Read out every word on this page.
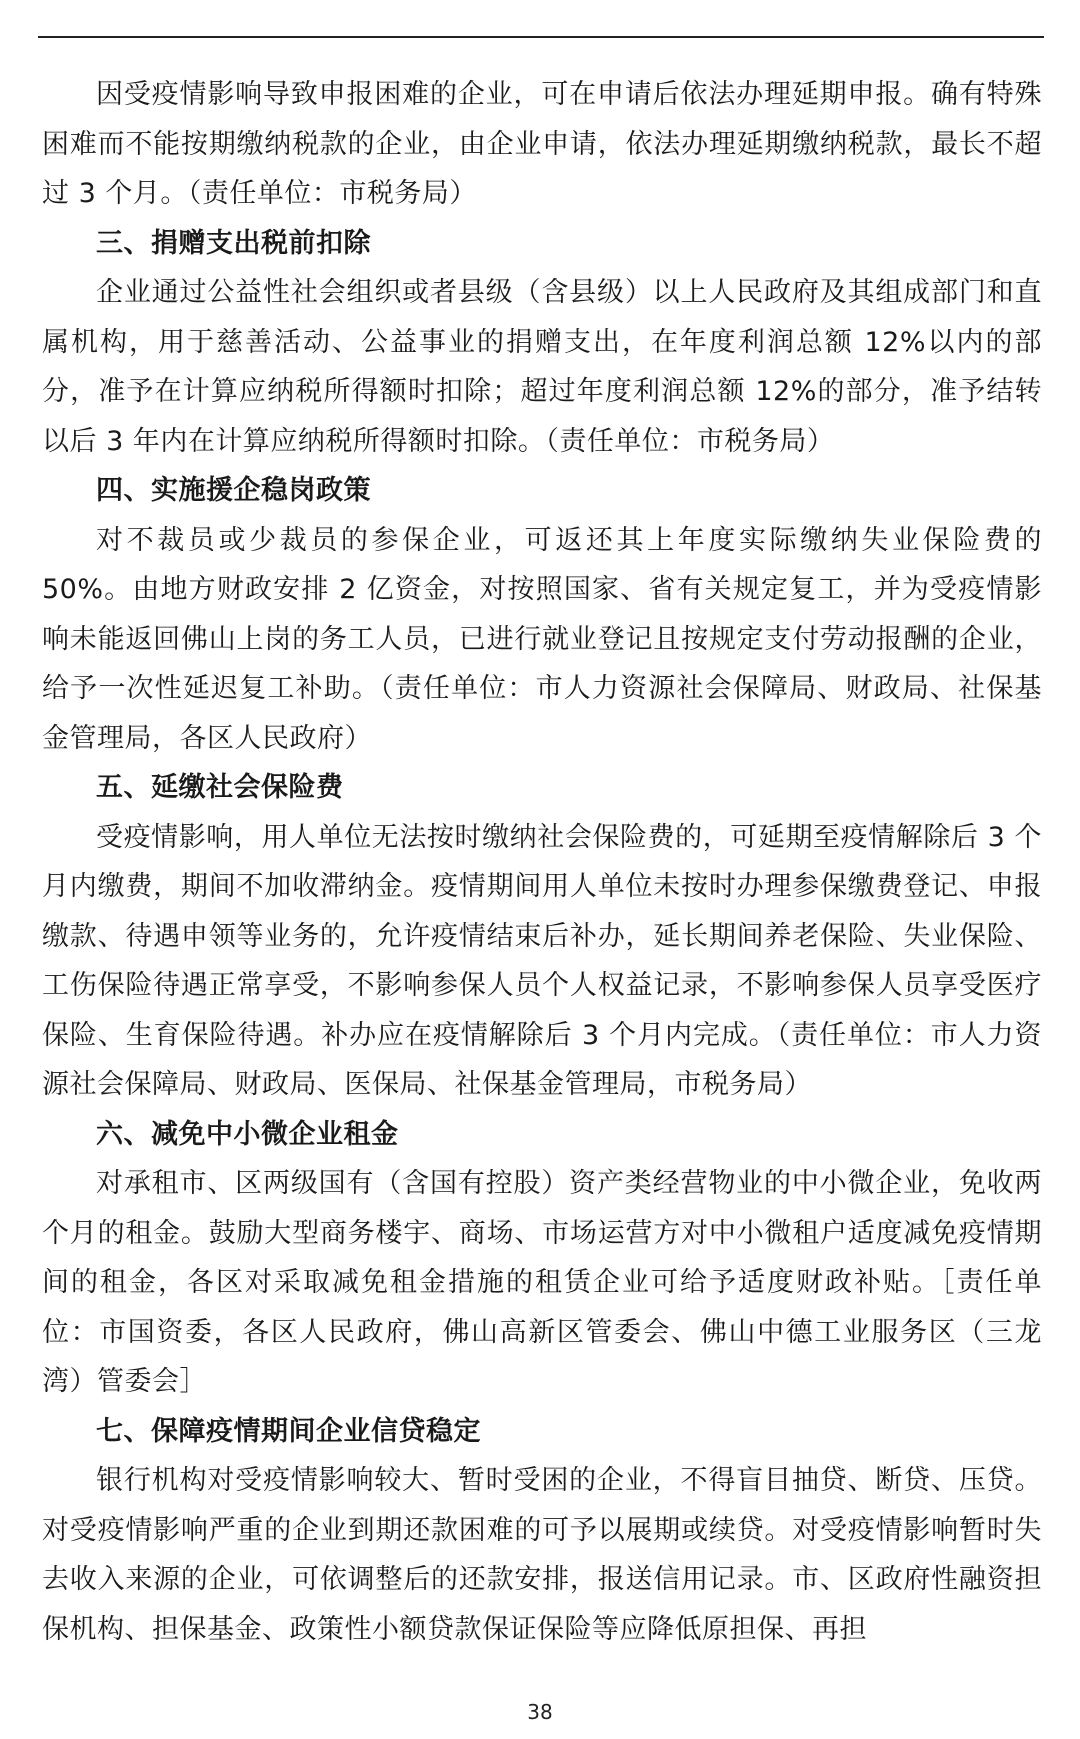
因受疫情影响导致申报困难的企业，可在申请后依法办理延期申报。确有特殊困难而不能按期缴纳税款的企业，由企业申请，依法办理延期缴纳税款，最长不超过 3 个月。（责任单位：市税务局）

三、捐赠支出税前扣除

企业通过公益性社会组织或者县级（含县级）以上人民政府及其组成部门和直属机构，用于慈善活动、公益事业的捐赠支出，在年度利润总额 12%以内的部分，准予在计算应纳税所得额时扣除；超过年度利润总额 12%的部分，准予结转以后 3 年内在计算应纳税所得额时扣除。（责任单位：市税务局）

四、实施援企稳岗政策

对不裁员或少裁员的参保企业，可返还其上年度实际缴纳失业保险费的 50%。由地方财政安排 2 亿资金，对按照国家、省有关规定复工，并为受疫情影响未能返回佛山上岗的务工人员，已进行就业登记且按规定支付劳动报酬的企业，给予一次性延迟复工补助。（责任单位：市人力资源社会保障局、财政局、社保基金管理局，各区人民政府）

五、延缴社会保险费

受疫情影响，用人单位无法按时缴纳社会保险费的，可延期至疫情解除后 3 个月内缴费，期间不加收滞纳金。疫情期间用人单位未按时办理参保缴费登记、申报缴款、待遇申领等业务的，允许疫情结束后补办，延长期间养老保险、失业保险、工伤保险待遇正常享受，不影响参保人员个人权益记录，不影响参保人员享受医疗保险、生育保险待遇。补办应在疫情解除后 3 个月内完成。（责任单位：市人力资源社会保障局、财政局、医保局、社保基金管理局，市税务局）

六、减免中小微企业租金

对承租市、区两级国有（含国有控股）资产类经营物业的中小微企业，免收两个月的租金。鼓励大型商务楼宇、商场、市场运营方对中小微租户适度减免疫情期间的租金，各区对采取减免租金措施的租赁企业可给予适度财政补贴。［责任单位：市国资委，各区人民政府，佛山高新区管委会、佛山中德工业服务区（三龙湾）管委会］

七、保障疫情期间企业信贷稳定

银行机构对受疫情影响较大、暂时受困的企业，不得盲目抽贷、断贷、压贷。对受疫情影响严重的企业到期还款困难的可予以展期或续贷。对受疫情影响暂时失去收入来源的企业，可依调整后的还款安排，报送信用记录。市、区政府性融资担保机构、担保基金、政策性小额贷款保证保险等应降低原担保、再担

38
